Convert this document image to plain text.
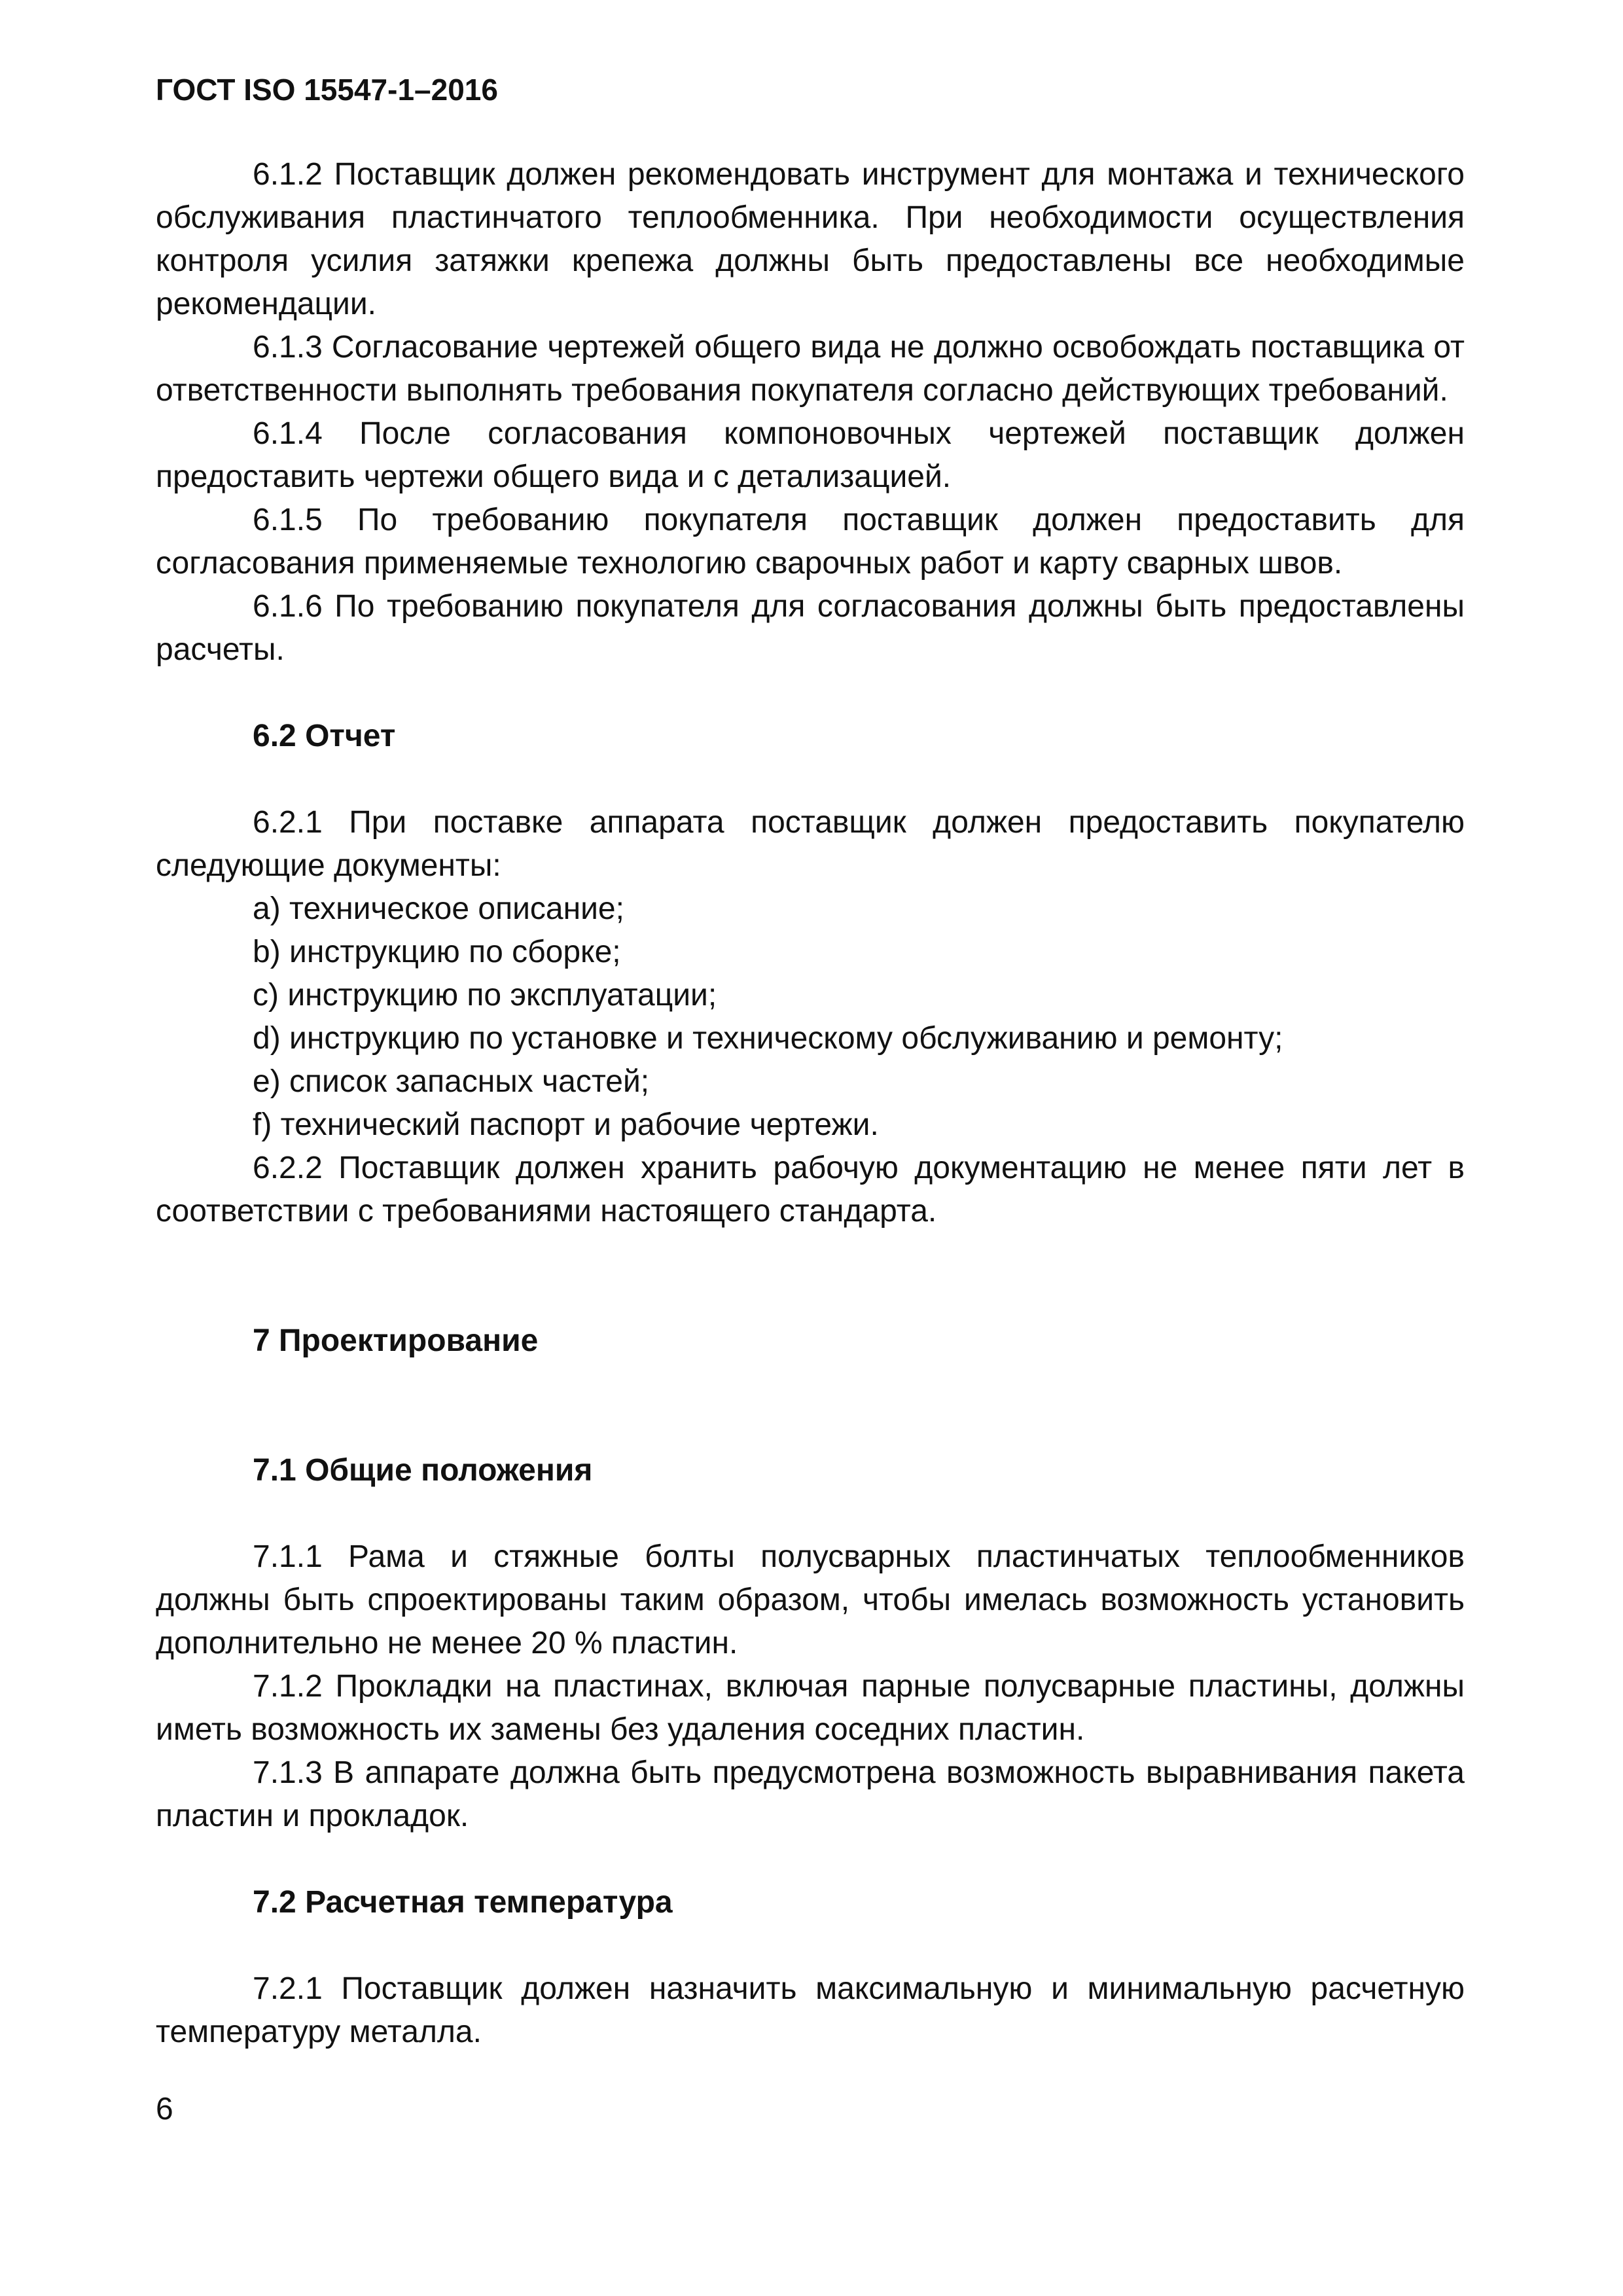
ГОСТ ISO 15547-1–2016

6.1.2 Поставщик должен рекомендовать инструмент для монтажа и технического обслуживания пластинчатого теплообменника. При необходимости осуществления контроля усилия затяжки крепежа должны быть предоставлены все необходимые рекомендации.

6.1.3 Согласование чертежей общего вида не должно освобождать поставщика от ответственности выполнять требования покупателя согласно действующих требований.

6.1.4 После согласования компоновочных чертежей поставщик должен предоставить чертежи общего вида и с детализацией.

6.1.5 По требованию покупателя поставщик должен предоставить для согласования применяемые технологию сварочных работ и карту сварных швов.

6.1.6 По требованию покупателя для согласования должны быть предоставлены расчеты.

6.2 Отчет

6.2.1 При поставке аппарата поставщик должен предоставить покупателю следующие документы:

a) техническое описание;

b) инструкцию по сборке;

c) инструкцию по эксплуатации;

d) инструкцию по установке и техническому обслуживанию и ремонту;

e) список запасных частей;

f) технический паспорт и рабочие чертежи.

6.2.2 Поставщик должен хранить рабочую документацию не менее пяти лет в соответствии с требованиями настоящего стандарта.

7 Проектирование

7.1 Общие положения

7.1.1 Рама и стяжные болты полусварных пластинчатых теплообменников должны быть спроектированы таким образом, чтобы имелась возможность установить дополнительно не менее 20 % пластин.

7.1.2 Прокладки на пластинах, включая парные полусварные пластины, должны иметь возможность их замены без удаления соседних пластин.

7.1.3 В аппарате должна быть предусмотрена возможность выравнивания пакета пластин и прокладок.

7.2 Расчетная температура

7.2.1 Поставщик должен назначить максимальную и минимальную расчетную температуру металла.

6
